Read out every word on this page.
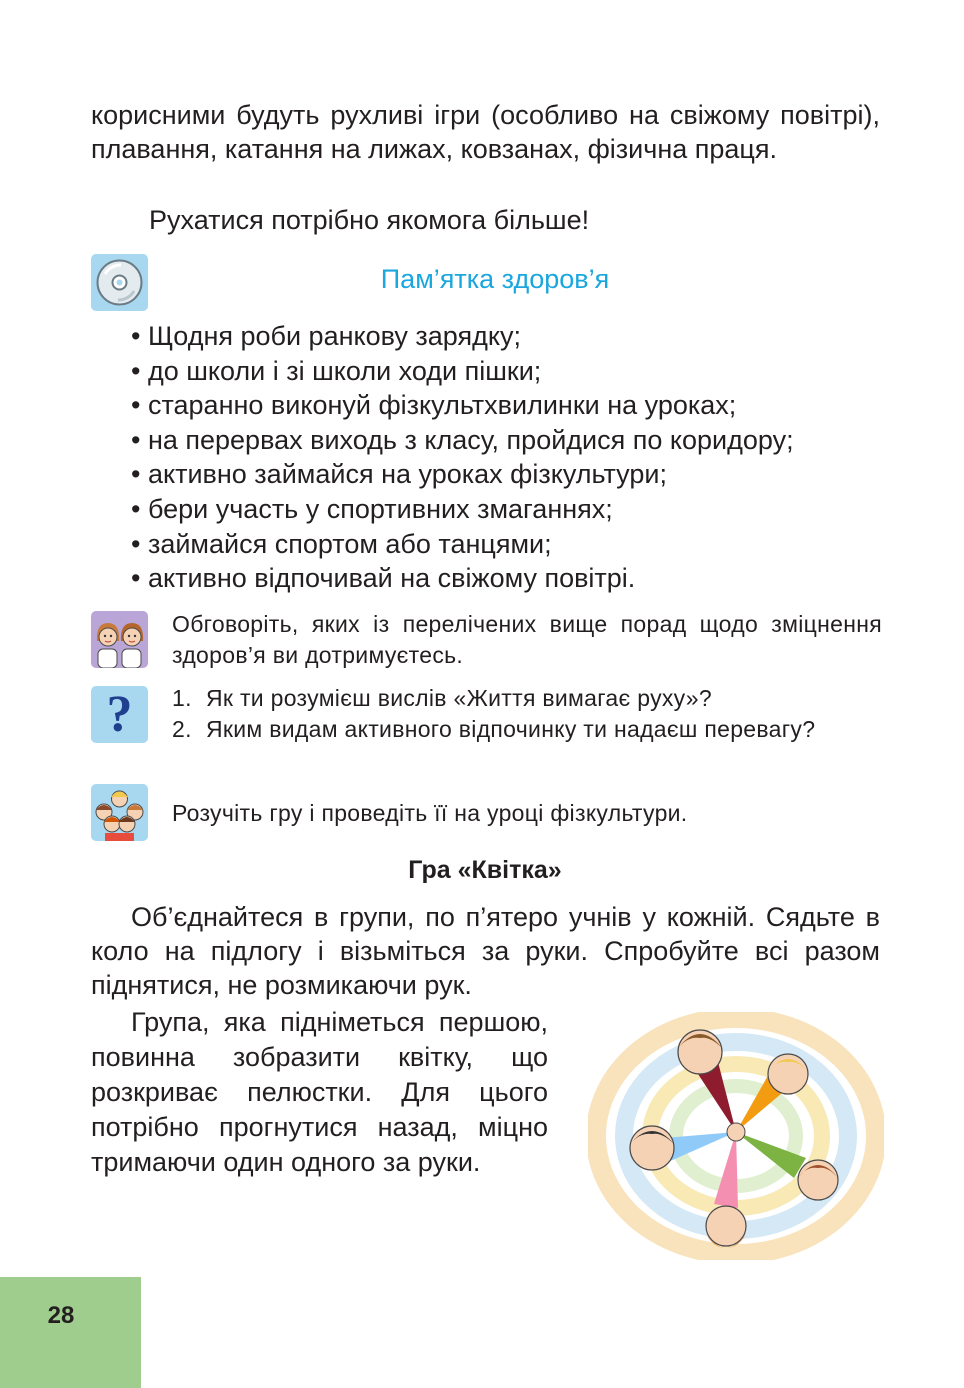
корисними будуть рухливі ігри (особливо на свіжому повітрі), плавання, катання на лижах, ковзанах, фізична праця.

Рухатися потрібно якомога більше!

Пам’ятка здоров’я
• Щодня роби ранкову зарядку;
• до школи і зі школи ходи пішки;
• старанно виконуй фізкультхвилинки на уроках;
• на перервах виходь з класу, пройдися по коридору;
• активно займайся на уроках фізкультури;
• бери участь у спортивних змаганнях;
• займайся спортом або танцями;
• активно відпочивай на свіжому повітрі.

Обговоріть, яких із перелічених вище порад щодо зміцнення здоров’я ви дотримуєтесь.

?	1. Як ти розумієш вислів «Життя вимагає руху»?
2. Яким видам активного відпочинку ти надаєш перевагу?

Розучіть гру і проведіть її на уроці фізкультури.

Гра «Квітка»

Об’єднайтеся в групи, по п’ятеро учнів у кожній. Сядьте в коло на підлогу і візьміться за руки. Спробуйте всі разом піднятися, не розмикаючи рук.

Група, яка підніметься першою, повинна зобразити квітку, що розкриває пелюстки. Для цього потрібно прогнутися назад, міцно тримаючи один одного за руки.

28
